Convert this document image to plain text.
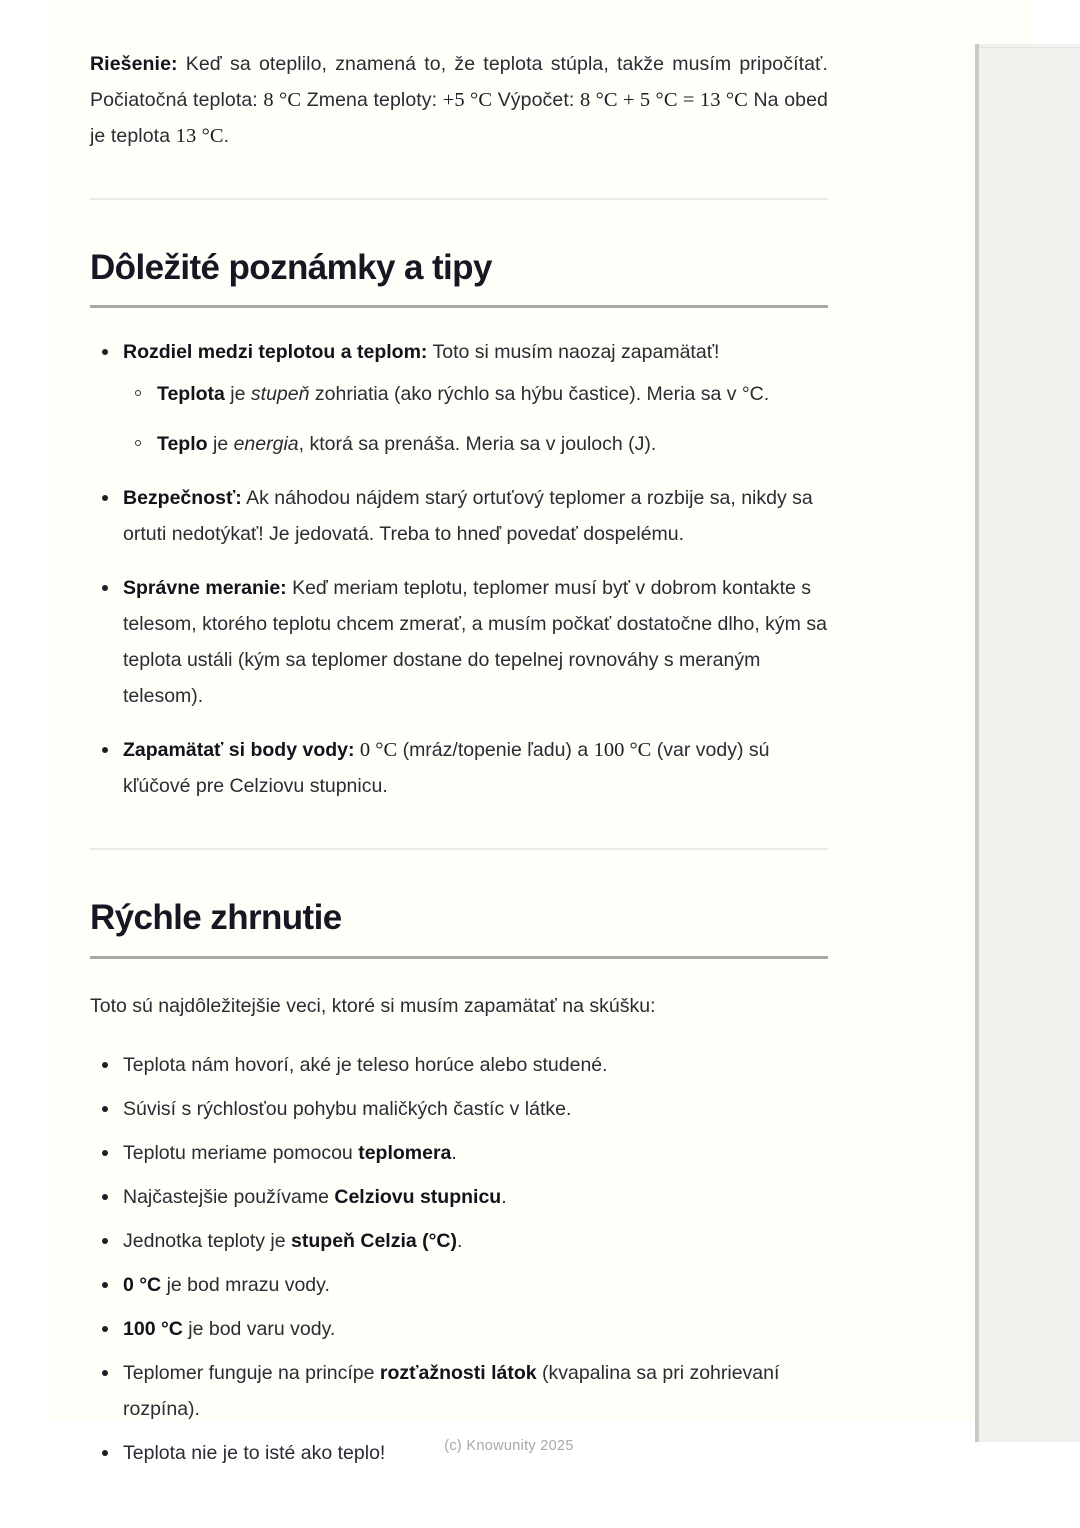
Riešenie: Keď sa oteplilo, znamená to, že teplota stúpla, takže musím pripočítať. Počiatočná teplota: 8 °C Zmena teploty: +5 °C Výpočet: 8 °C + 5 °C = 13 °C Na obed je teplota 13 °C.

Dôležité poznámky a tipy
Rozdiel medzi teplotou a teplom: Toto si musím naozaj zapamätať!
Teplota je stupeň zohriatia (ako rýchlo sa hýbu častice). Meria sa v °C.
Teplo je energia, ktorá sa prenáša. Meria sa v jouloch (J).
Bezpečnosť: Ak náhodou nájdem starý ortuťový teplomer a rozbije sa, nikdy sa ortuti nedotýkať! Je jedovatá. Treba to hneď povedať dospelému.
Správne meranie: Keď meriam teplotu, teplomer musí byť v dobrom kontakte s telesom, ktorého teplotu chcem zmerať, a musím počkať dostatočne dlho, kým sa teplota ustáli (kým sa teplomer dostane do tepelnej rovnováhy s meraným telesom).
Zapamätať si body vody: 0 °C (mráz/topenie ľadu) a 100 °C (var vody) sú kľúčové pre Celziovu stupnicu.
Rýchle zhrnutie

Toto sú najdôležitejšie veci, ktoré si musím zapamätať na skúšku:

Teplota nám hovorí, aké je teleso horúce alebo studené.
Súvisí s rýchlosťou pohybu maličkých častíc v látke.
Teplotu meriame pomocou teplomera.
Najčastejšie používame Celziovu stupnicu.
Jednotka teploty je stupeň Celzia (°C).
0 °C je bod mrazu vody.
100 °C je bod varu vody.
Teplomer funguje na princípe rozťažnosti látok (kvapalina sa pri zohrievaní rozpína).
Teplota nie je to isté ako teplo!	(c) Knowunity 2025
